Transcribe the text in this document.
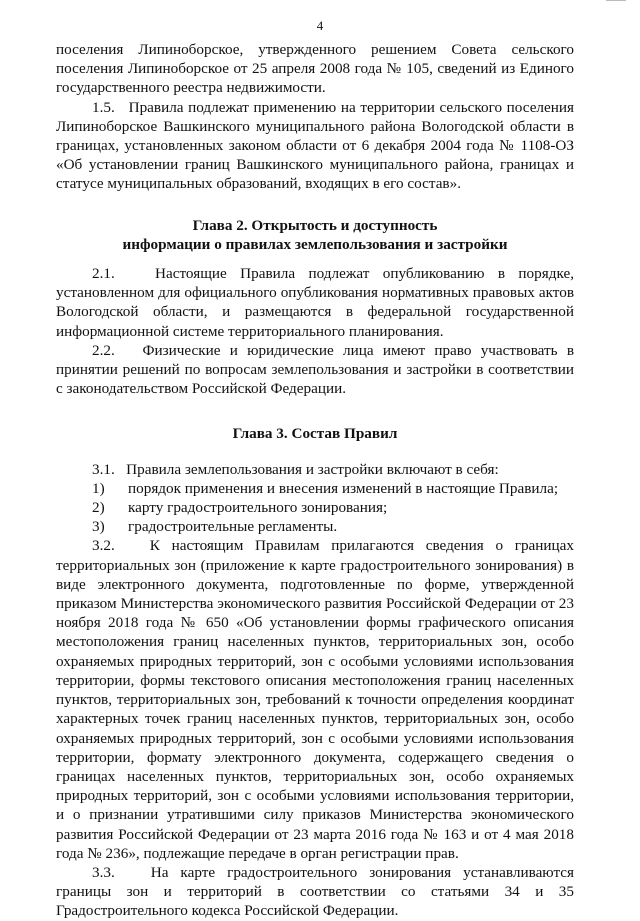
4

поселения Липиноборское, утвержденного решением Совета сельского поселения Липиноборское от 25 апреля 2008 года № 105, сведений из Единого государственного реестра недвижимости.

1.5.   Правила подлежат применению на территории сельского поселения Липиноборское Вашкинского муниципального района Вологодской области в границах, установленных законом области от 6 декабря 2004 года № 1108-ОЗ «Об установлении границ Вашкинского муниципального района, границах и статусе муниципальных образований, входящих в его состав».

Глава 2. Открытость и доступность

информации о правилах землепользования и застройки

2.1.   Настоящие Правила подлежат опубликованию в порядке, установленном для официального опубликования нормативных правовых актов Вологодской области, и размещаются в федеральной государственной информационной системе территориального планирования.

2.2.   Физические и юридические лица имеют право участвовать в принятии решений по вопросам землепользования и застройки в соответствии с законодательством Российской Федерации.

Глава 3. Состав Правил

3.1.   Правила землепользования и застройки включают в себя:

1)	порядок применения и внесения изменений в настоящие Правила;
2)	карту градостроительного зонирования;
3)	градостроительные регламенты.

3.2.   К настоящим Правилам прилагаются сведения о границах территориальных зон (приложение к карте градостроительного зонирования) в виде электронного документа, подготовленные по форме, утвержденной приказом Министерства экономического развития Российской Федерации от 23 ноября 2018 года № 650 «Об установлении формы графического описания местоположения границ населенных пунктов, территориальных зон, особо охраняемых природных территорий, зон с особыми условиями использования территории, формы текстового описания местоположения границ населенных пунктов, территориальных зон, требований к точности определения координат характерных точек границ населенных пунктов, территориальных зон, особо охраняемых природных территорий, зон с особыми условиями использования территории, формату электронного документа, содержащего сведения о границах населенных пунктов, территориальных зон, особо охраняемых природных территорий, зон с особыми условиями использования территории, и о признании утратившими силу приказов Министерства экономического развития Российской Федерации от 23 марта 2016 года № 163 и от 4 мая 2018 года № 236», подлежащие передаче в орган регистрации прав.

3.3.   На карте градостроительного зонирования устанавливаются границы зон и территорий в соответствии со статьями 34 и 35 Градостроительного кодекса Российской Федерации.
